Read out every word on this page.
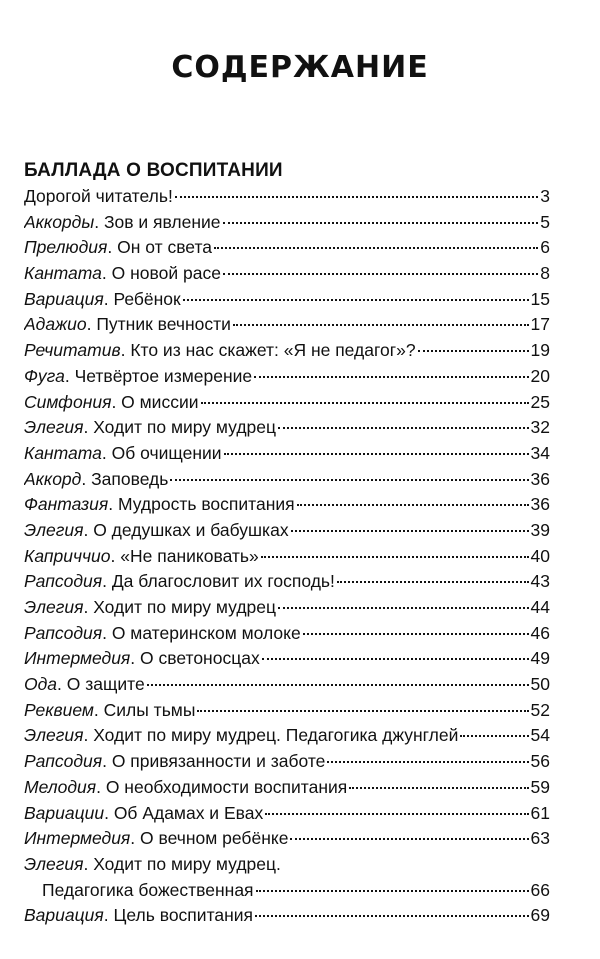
СОДЕРЖАНИЕ
БАЛЛАДА О ВОСПИТАНИИ
Дорогой читатель!	3
Аккорды. Зов и явление	5
Прелюдия. Он от света	6
Кантата. О новой расе	8
Вариация. Ребёнок	15
Адажио. Путник вечности	17
Речитатив. Кто из нас скажет: «Я не педагог»?	19
Фуга. Четвёртое измерение	20
Симфония. О миссии	25
Элегия. Ходит по миру мудрец	32
Кантата. Об очищении	34
Аккорд. Заповедь	36
Фантазия. Мудрость воспитания	36
Элегия. О дедушках и бабушках	39
Каприччио. «Не паниковать»	40
Рапсодия. Да благословит их господь!	43
Элегия. Ходит по миру мудрец	44
Рапсодия. О материнском молоке	46
Интермедия. О светоносцах	49
Ода. О защите	50
Реквием. Силы тьмы	52
Элегия. Ходит по миру мудрец. Педагогика джунглей	54
Рапсодия. О привязанности и заботе	56
Мелодия. О необходимости воспитания	59
Вариации. Об Адамах и Евах	61
Интермедия. О вечном ребёнке	63
Элегия. Ходит по миру мудрец.
Педагогика божественная	66
Вариация. Цель воспитания	69
